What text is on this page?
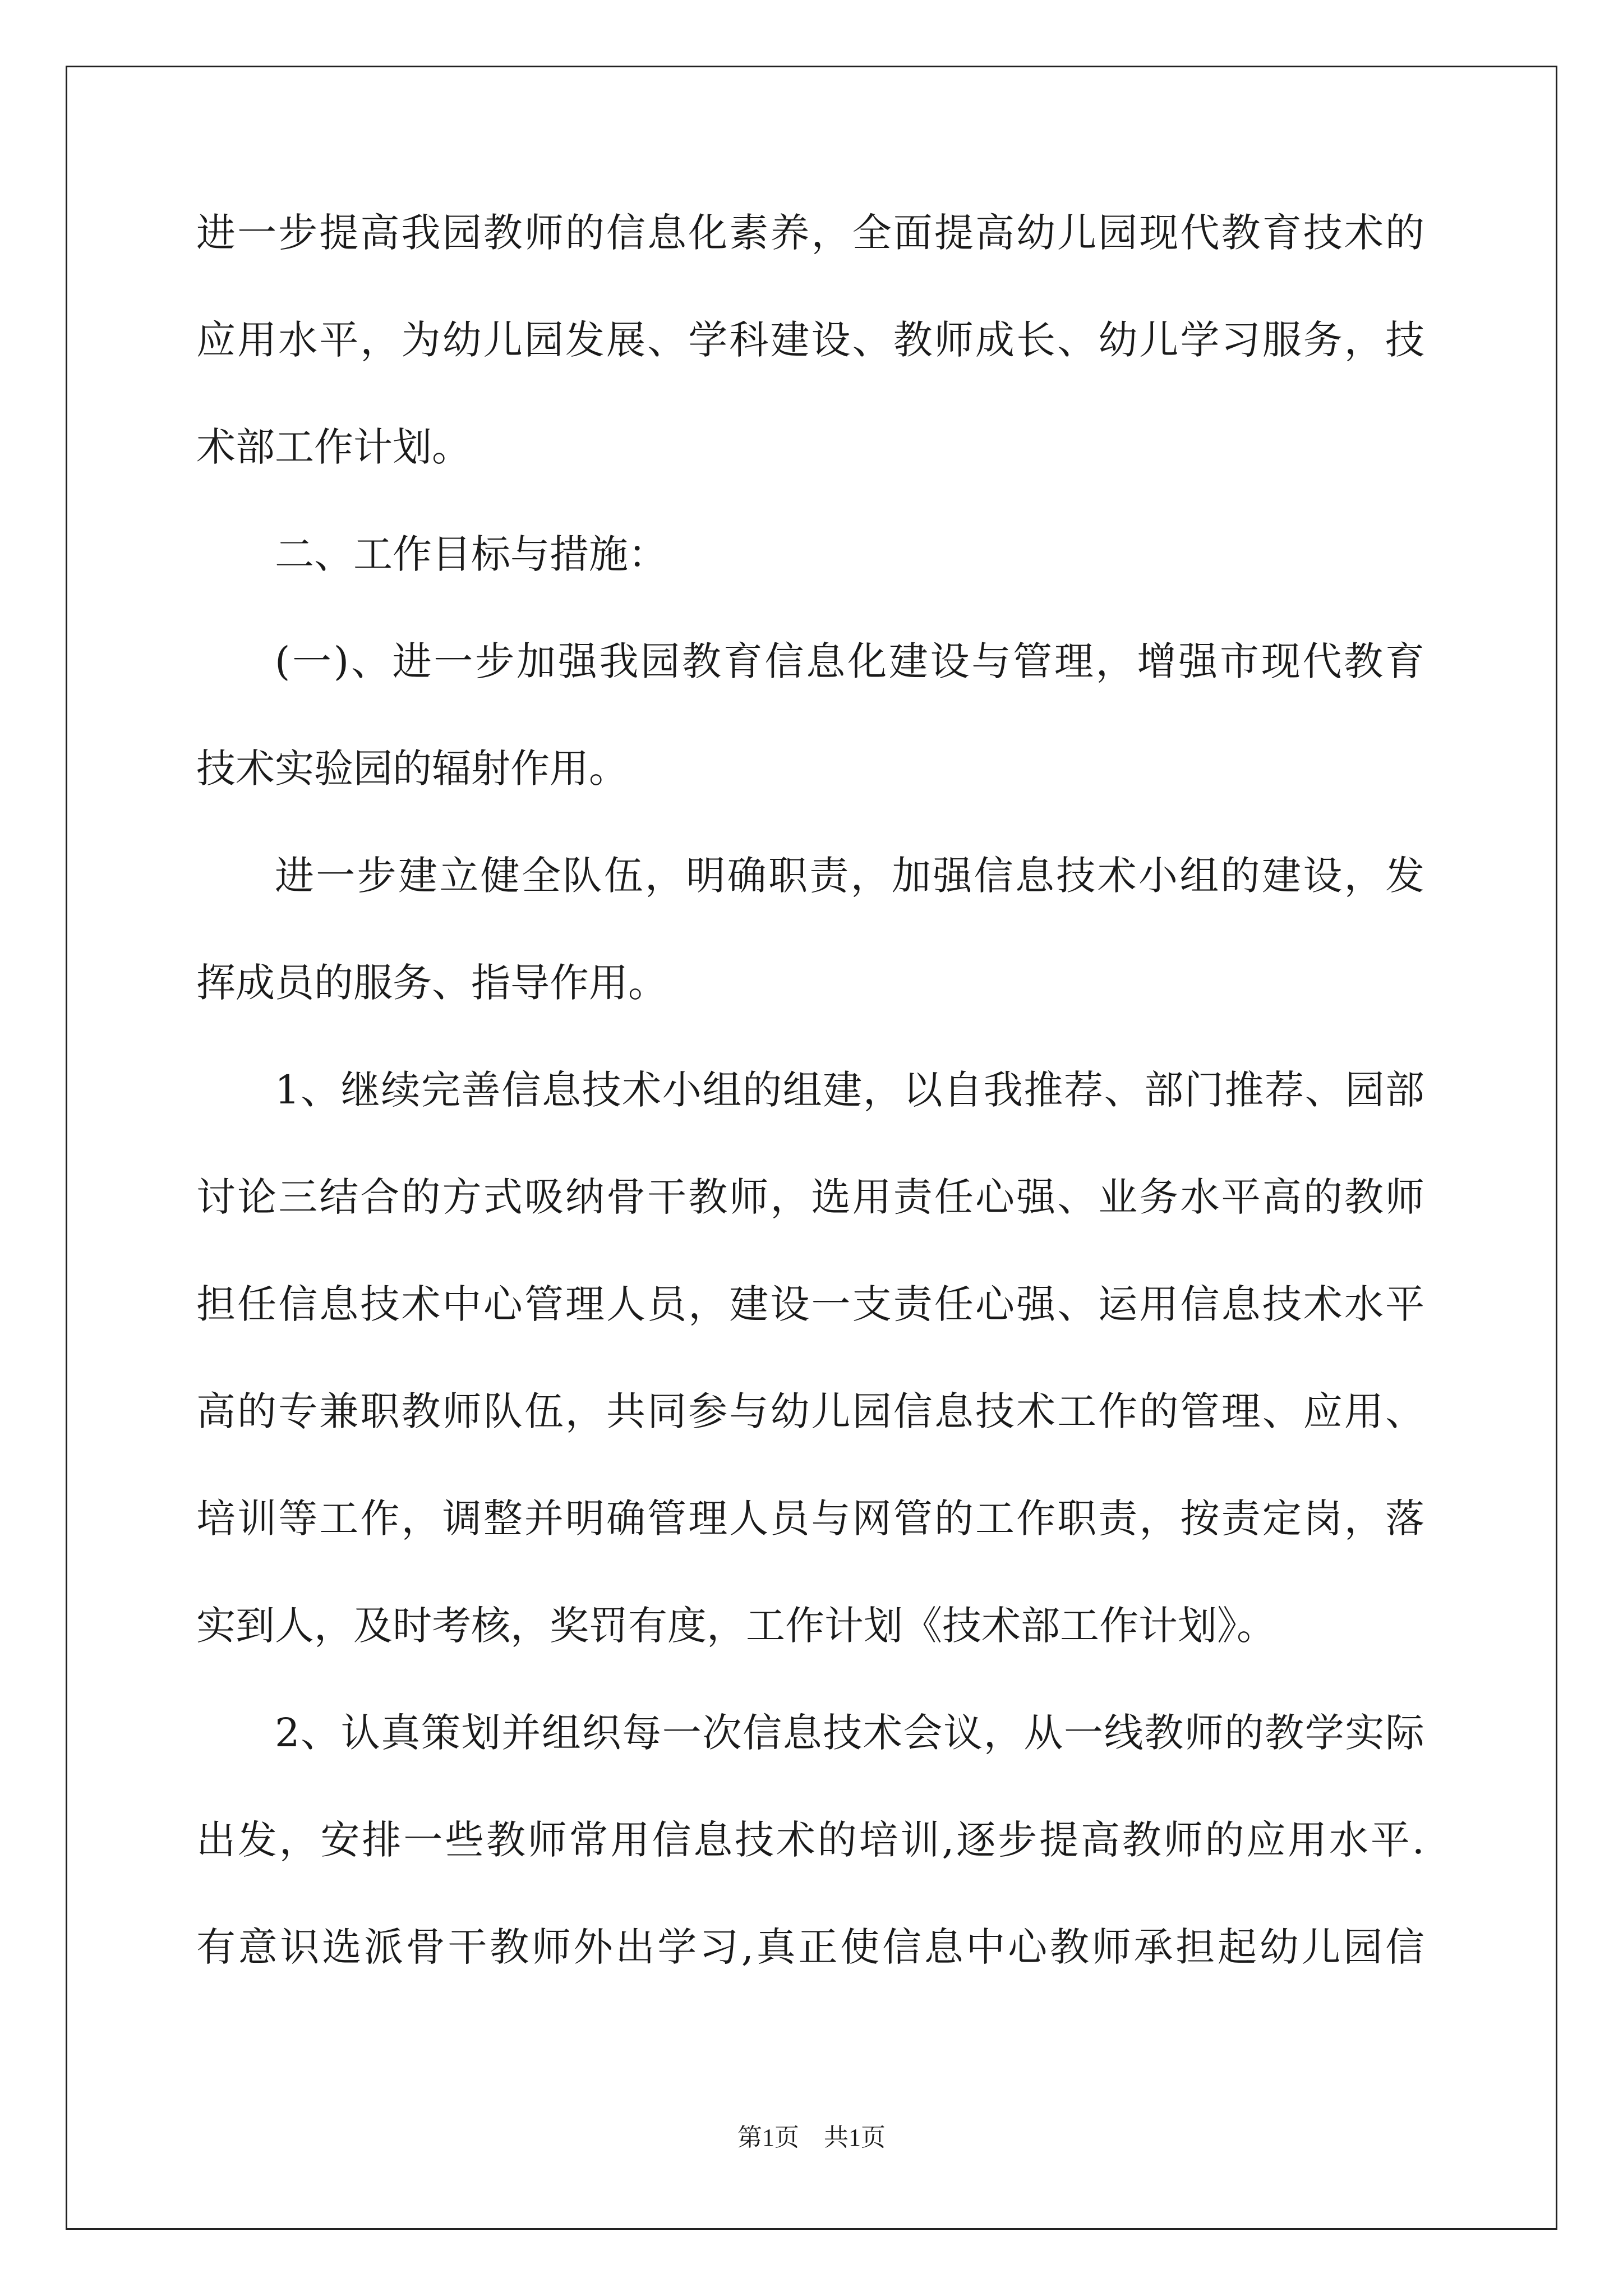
进一步提高我园教师的信息化素养，全面提高幼儿园现代教育技术的
应用水平，为幼儿园发展、学科建设、教师成长、幼儿学习服务，技
术部工作计划。
二、工作目标与措施：
(一)、进一步加强我园教育信息化建设与管理，增强市现代教育
技术实验园的辐射作用。
进一步建立健全队伍，明确职责，加强信息技术小组的建设，发
挥成员的服务、指导作用。
1、继续完善信息技术小组的组建，以自我推荐、部门推荐、园部
讨论三结合的方式吸纳骨干教师，选用责任心强、业务水平高的教师
担任信息技术中心管理人员，建设一支责任心强、运用信息技术水平
高的专兼职教师队伍，共同参与幼儿园信息技术工作的管理、应用、
培训等工作，调整并明确管理人员与网管的工作职责，按责定岗，落
实到人，及时考核，奖罚有度，工作计划《技术部工作计划》。
2、认真策划并组织每一次信息技术会议，从一线教师的教学实际
出发，安排一些教师常用信息技术的培训,逐步提高教师的应用水平.
有意识选派骨干教师外出学习,真正使信息中心教师承担起幼儿园信
第1页　共1页
